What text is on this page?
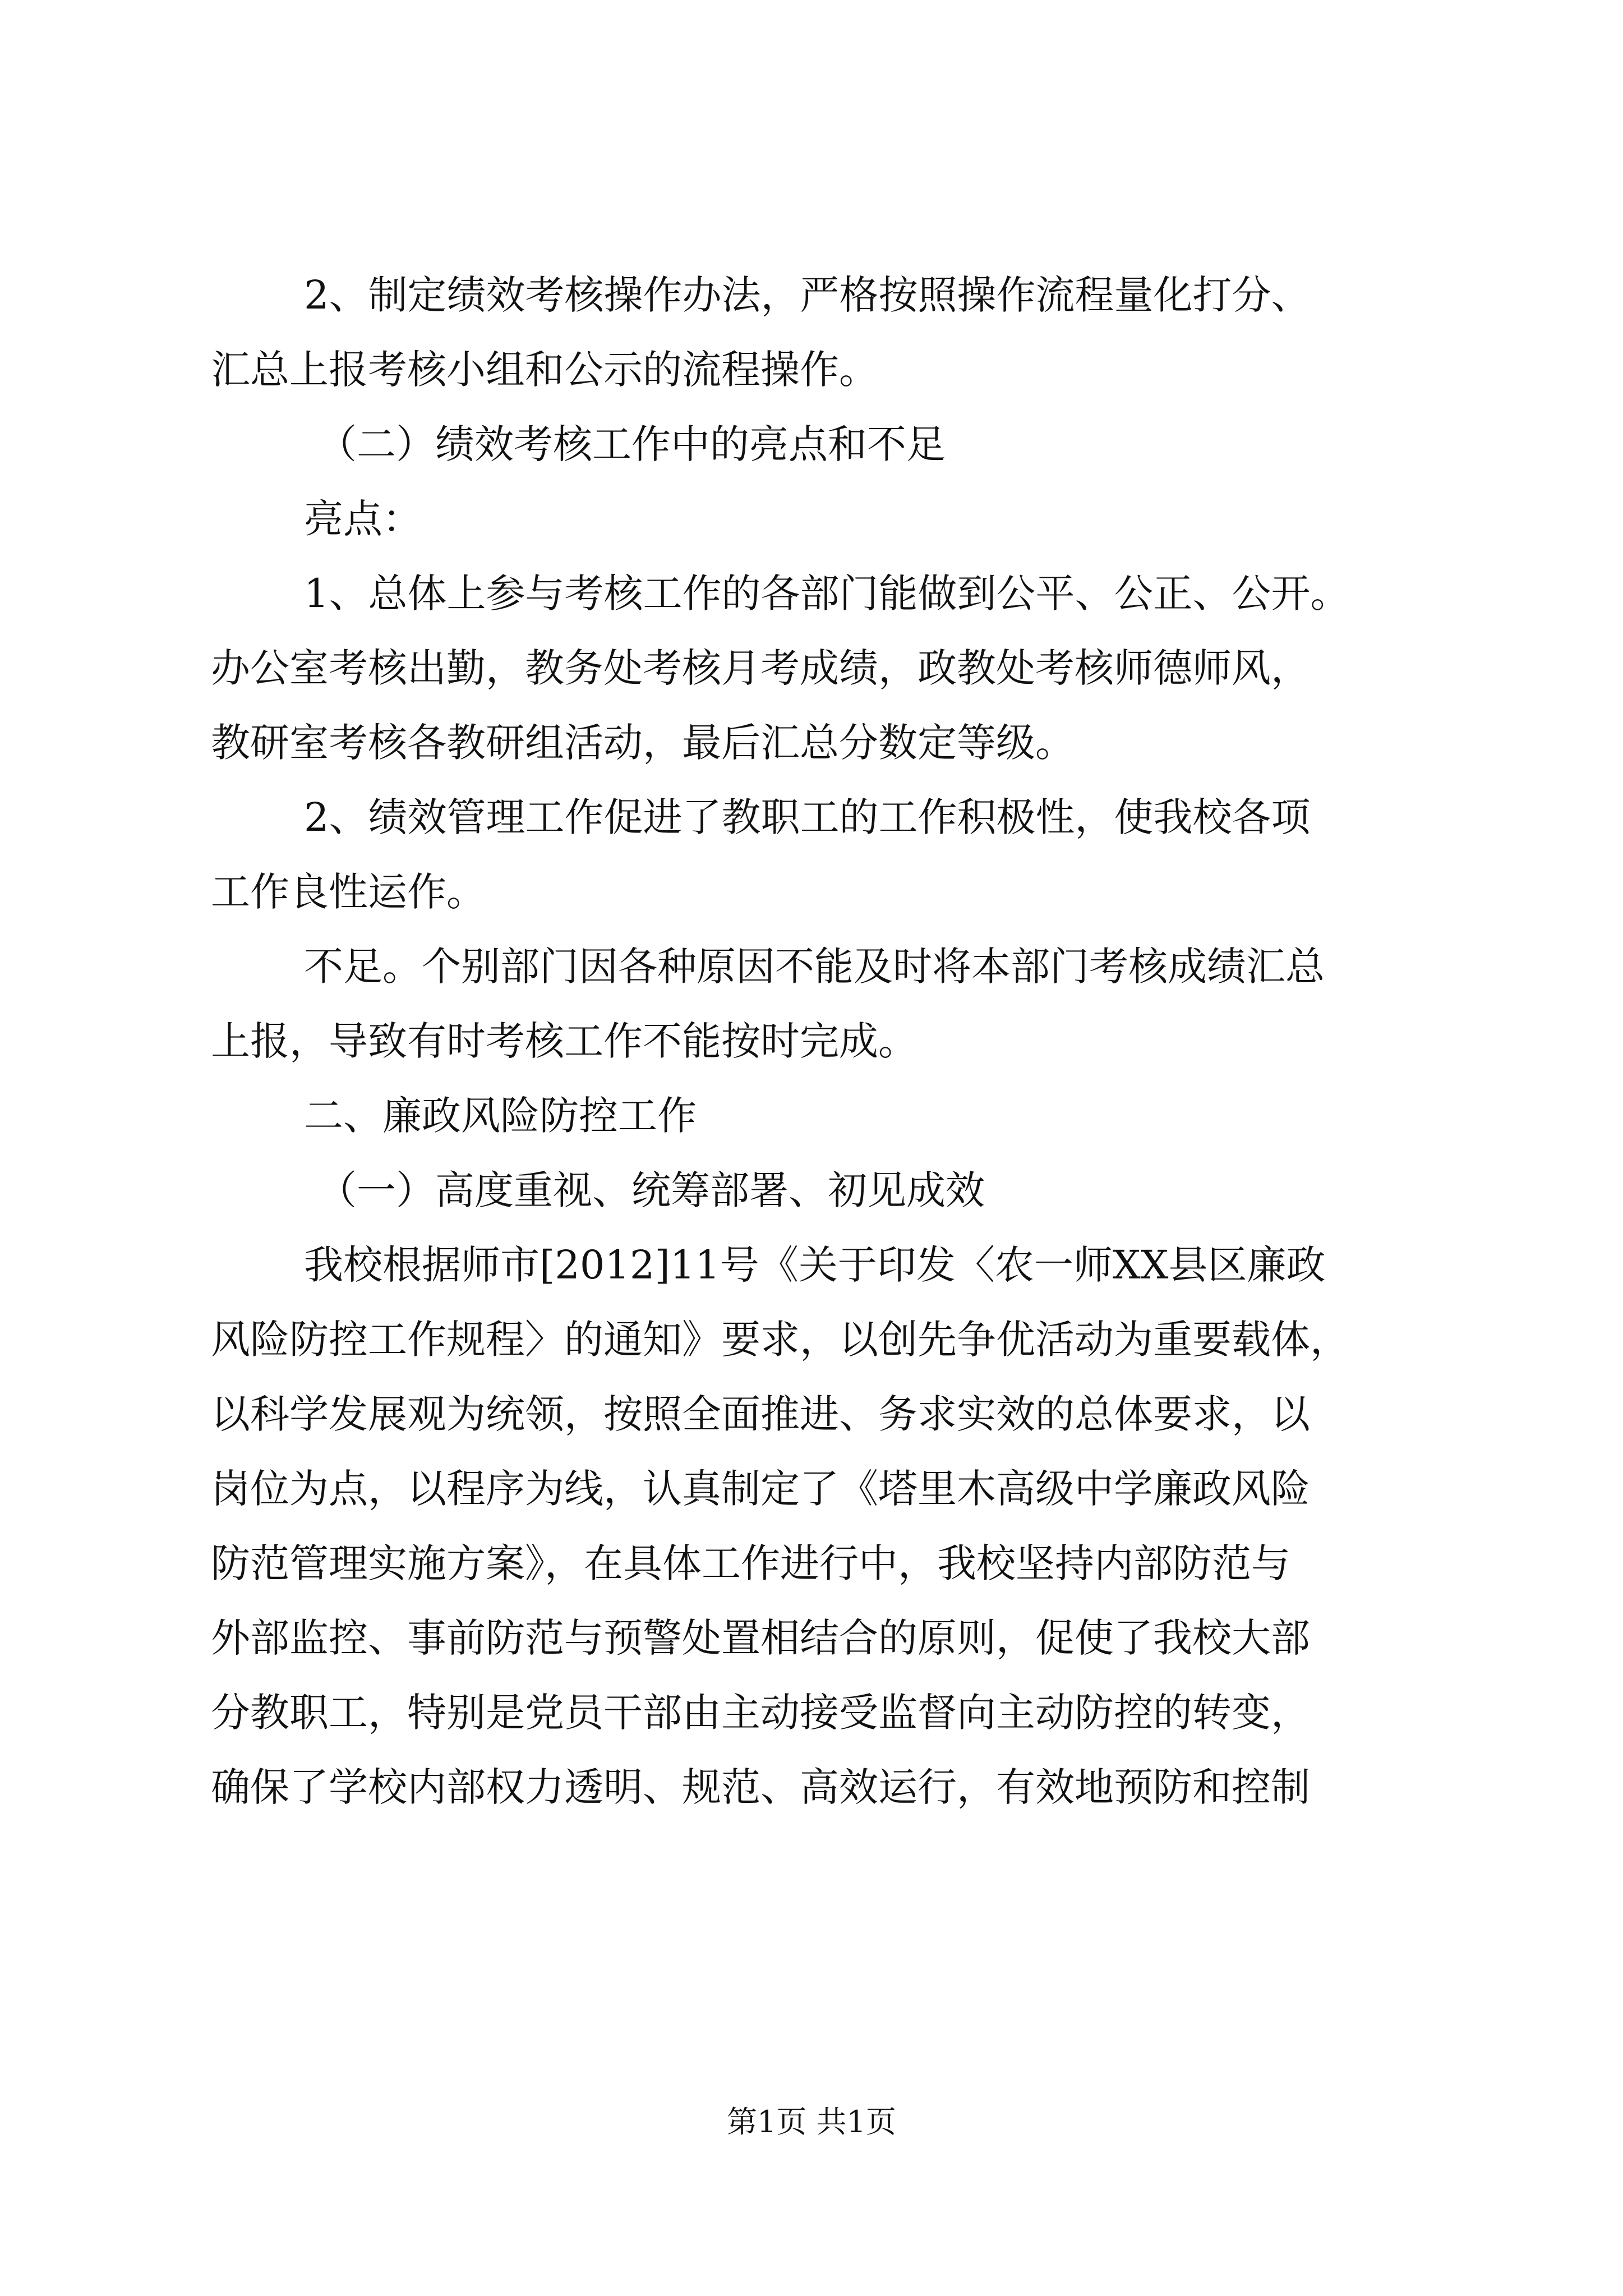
2、制定绩效考核操作办法，严格按照操作流程量化打分、
汇总上报考核小组和公示的流程操作。
（二）绩效考核工作中的亮点和不足
亮点：
1、总体上参与考核工作的各部门能做到公平、公正、公开。
办公室考核出勤，教务处考核月考成绩，政教处考核师德师风，
教研室考核各教研组活动，最后汇总分数定等级。
2、绩效管理工作促进了教职工的工作积极性，使我校各项
工作良性运作。
不足。个别部门因各种原因不能及时将本部门考核成绩汇总
上报，导致有时考核工作不能按时完成。
二、廉政风险防控工作
（一）高度重视、统筹部署、初见成效
我校根据师市[2012]11号《关于印发〈农一师XX县区廉政
风险防控工作规程〉的通知》要求，以创先争优活动为重要载体，
以科学发展观为统领，按照全面推进、务求实效的总体要求，以
岗位为点，以程序为线，认真制定了《塔里木高级中学廉政风险
防范管理实施方案》，在具体工作进行中，我校坚持内部防范与
外部监控、事前防范与预警处置相结合的原则，促使了我校大部
分教职工，特别是党员干部由主动接受监督向主动防控的转变，
确保了学校内部权力透明、规范、高效运行，有效地预防和控制
第1页 共1页
